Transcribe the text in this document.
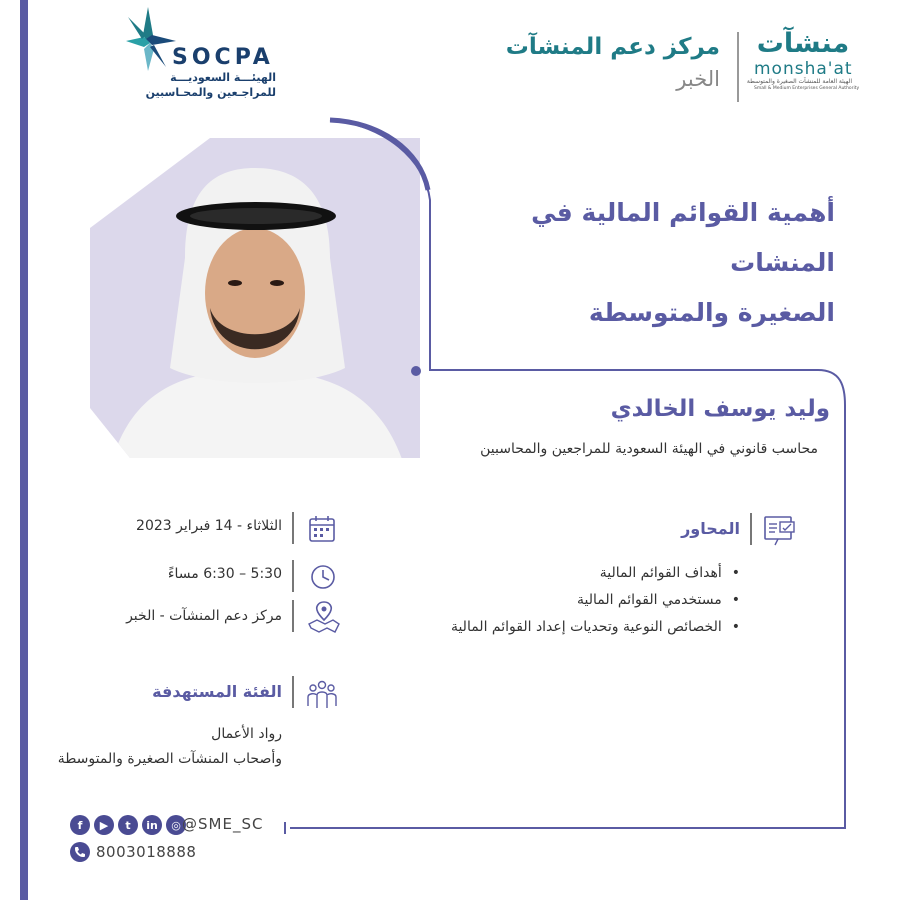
SOCPA
الهيئـــة السعوديـــة
للمراجـعين والمحـاسبين
منشآت
monsha'at
الهيئة العامة للمنشآت الصغيرة والمتوسطة
Small & Medium Enterprises General Authority
مركز دعم المنشآت
الخبر
أهمية القوائم المالية في المنشات
الصغيرة والمتوسطة
وليد يوسف الخالدي
محاسب قانوني في الهيئة السعودية للمراجعين والمحاسبين
المحاور
• أهداف القوائم المالية
• مستخدمي القوائم المالية
• الخصائص النوعية وتحديات إعداد القوائم المالية
الثلاثاء - 14 فبراير 2023
5:30 – 6:30 مساءً
مركز دعم المنشآت - الخبر
الفئة المستهدفة
رواد الأعمال
وأصحاب المنشآت الصغيرة والمتوسطة
f	▶	t	in	◎ @SME_SC
8003018888
